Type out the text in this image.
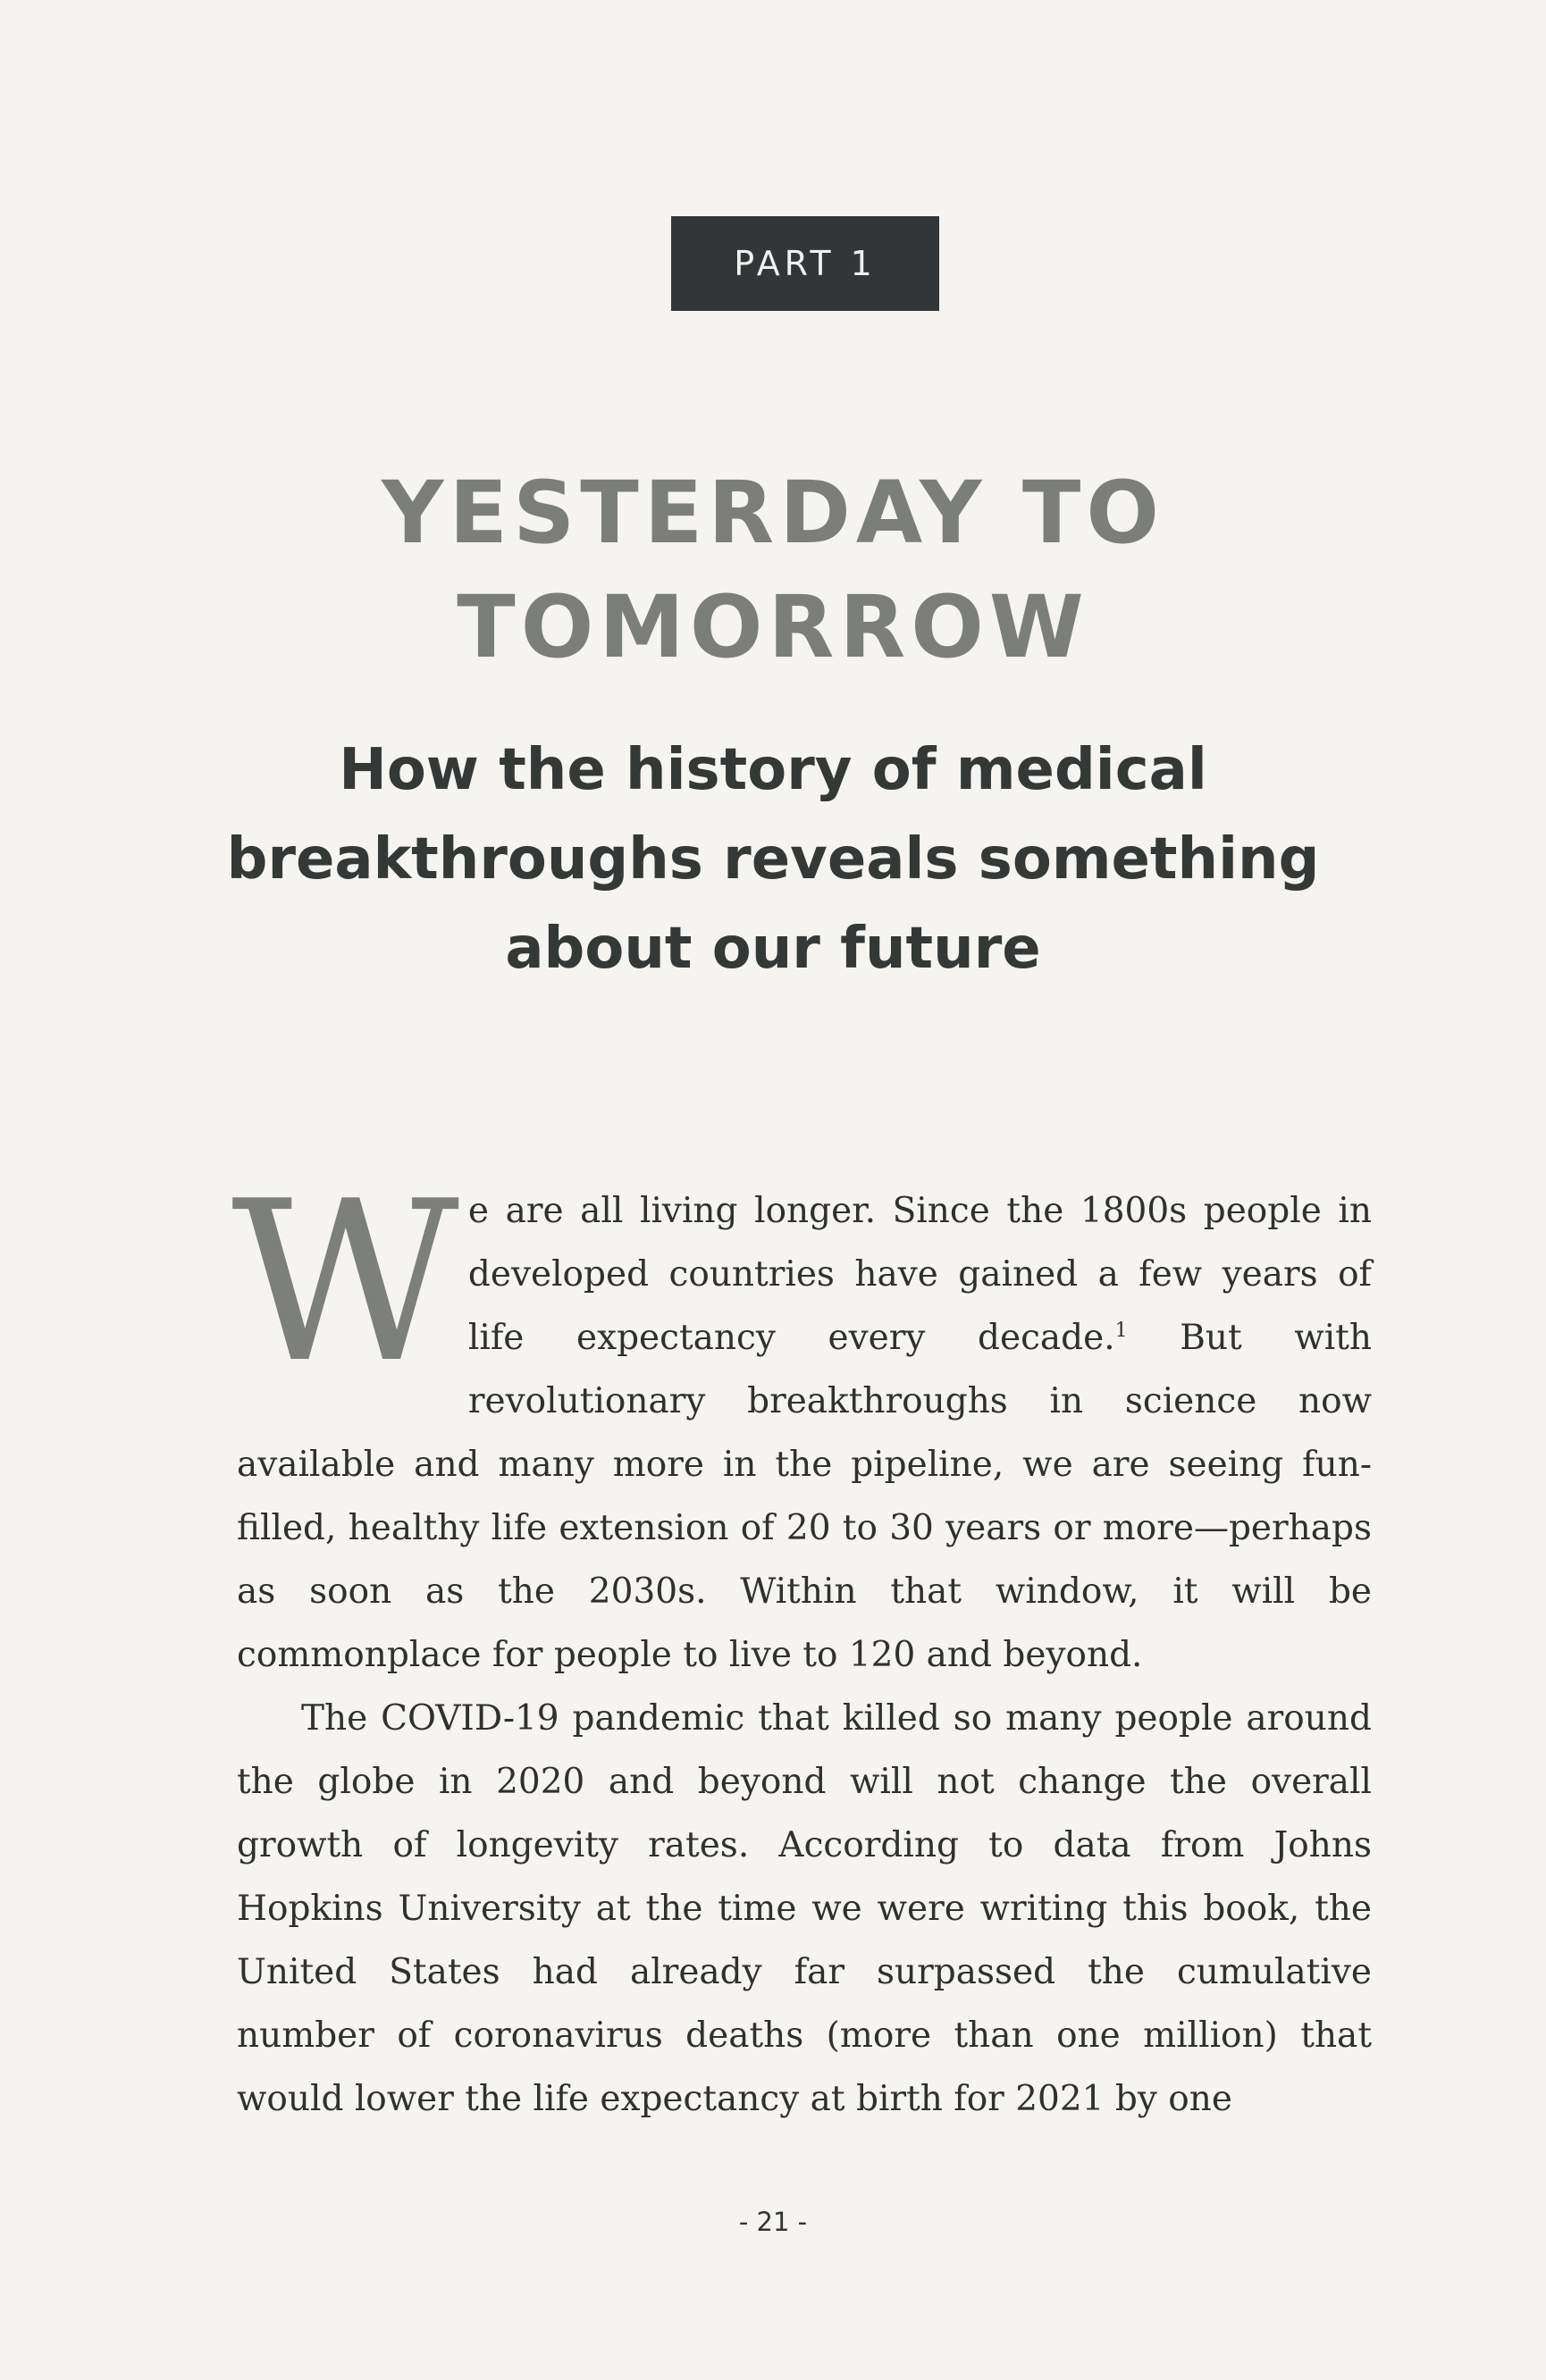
PART 1
YESTERDAY TO TOMORROW
How the history of medical breakthroughs reveals something about our future

We are all living longer. Since the 1800s people in developed countries have gained a few years of life expectancy every decade.$^1$ But with revolutionary breakthroughs in science now available and many more in the pipeline, we are seeing fun-filled, healthy life extension of 20 to 30 years or more—perhaps as soon as the 2030s. Within that window, it will be commonplace for people to live to 120 and beyond.

The COVID-19 pandemic that killed so many people around the globe in 2020 and beyond will not change the overall growth of longevity rates. According to data from Johns Hopkins University at the time we were writing this book, the United States had already far surpassed the cumulative number of coronavirus deaths (more than one million) that would lower the life expectancy at birth for 2021 by one

- 21 -
